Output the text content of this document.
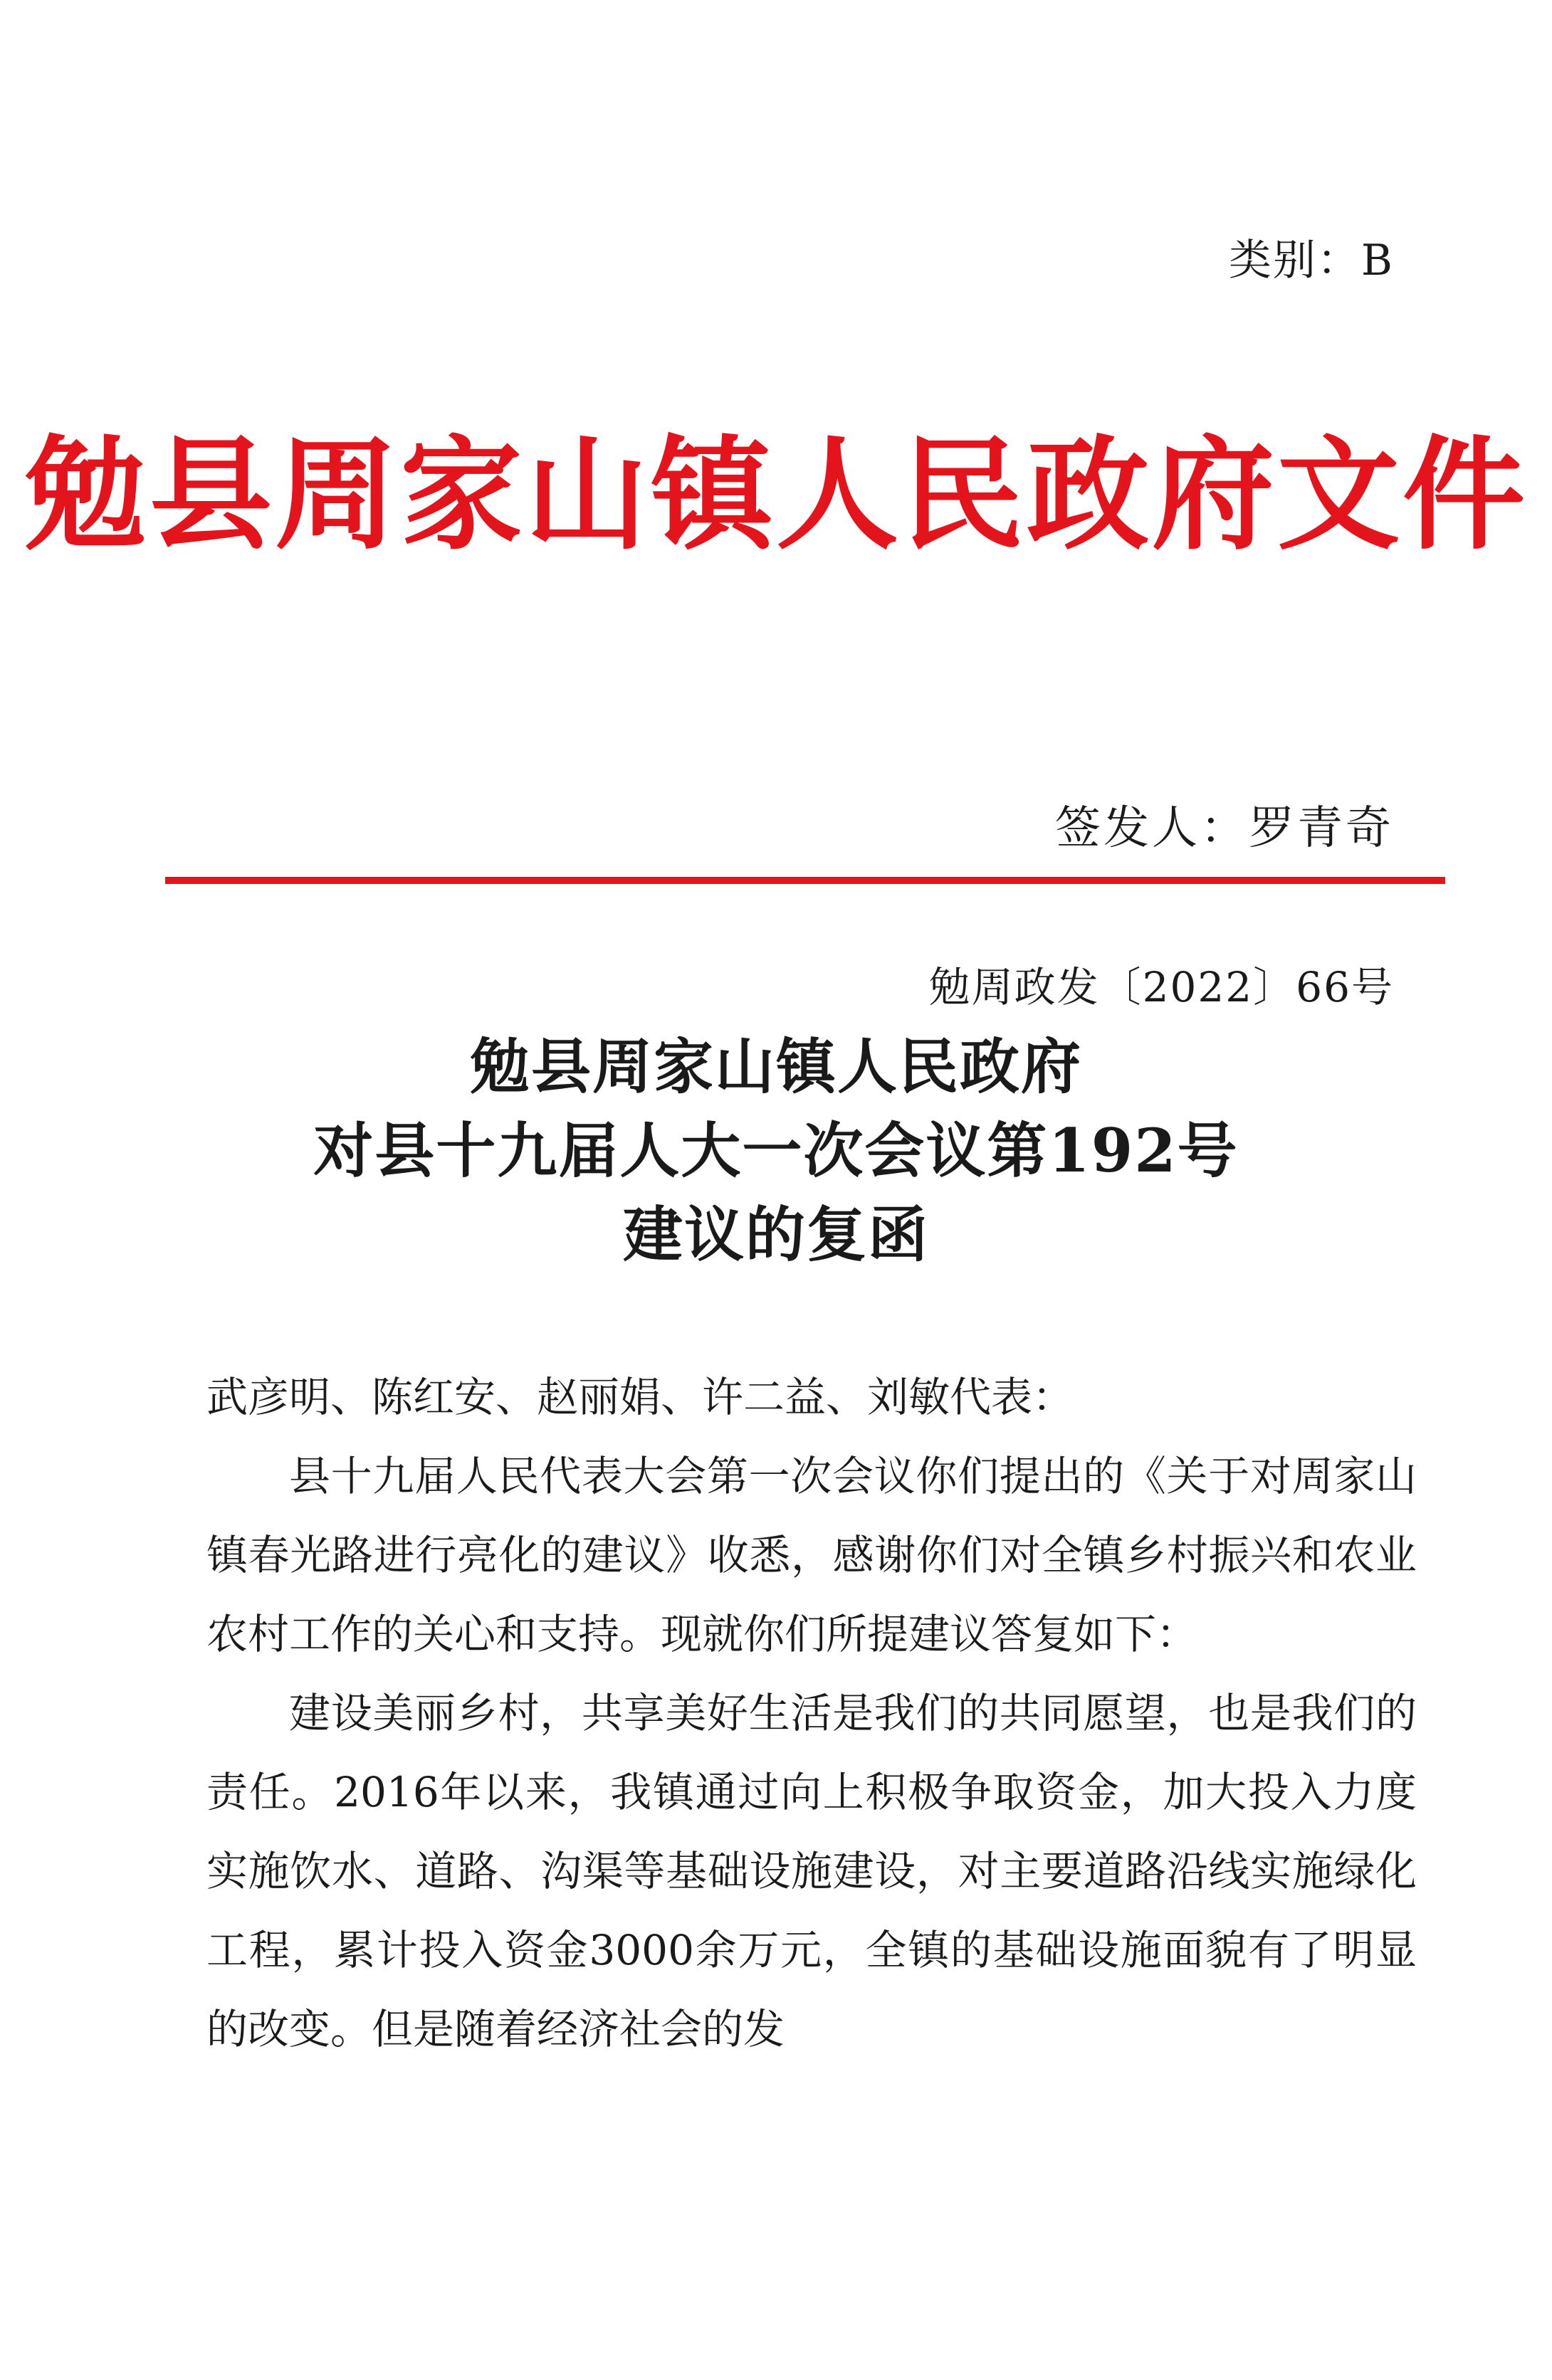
类别：B
勉县周家山镇人民政府文件
签发人：罗青奇
勉周政发〔2022〕66号
勉县周家山镇人民政府
对县十九届人大一次会议第192号
建议的复函

武彦明、陈红安、赵丽娟、许二益、刘敏代表：

县十九届人民代表大会第一次会议你们提出的《关于对周家山镇春光路进行亮化的建议》收悉，感谢你们对全镇乡村振兴和农业农村工作的关心和支持。现就你们所提建议答复如下：

建设美丽乡村，共享美好生活是我们的共同愿望，也是我们的责任。2016年以来，我镇通过向上积极争取资金，加大投入力度实施饮水、道路、沟渠等基础设施建设，对主要道路沿线实施绿化工程，累计投入资金3000余万元，全镇的基础设施面貌有了明显的改变。但是随着经济社会的发
